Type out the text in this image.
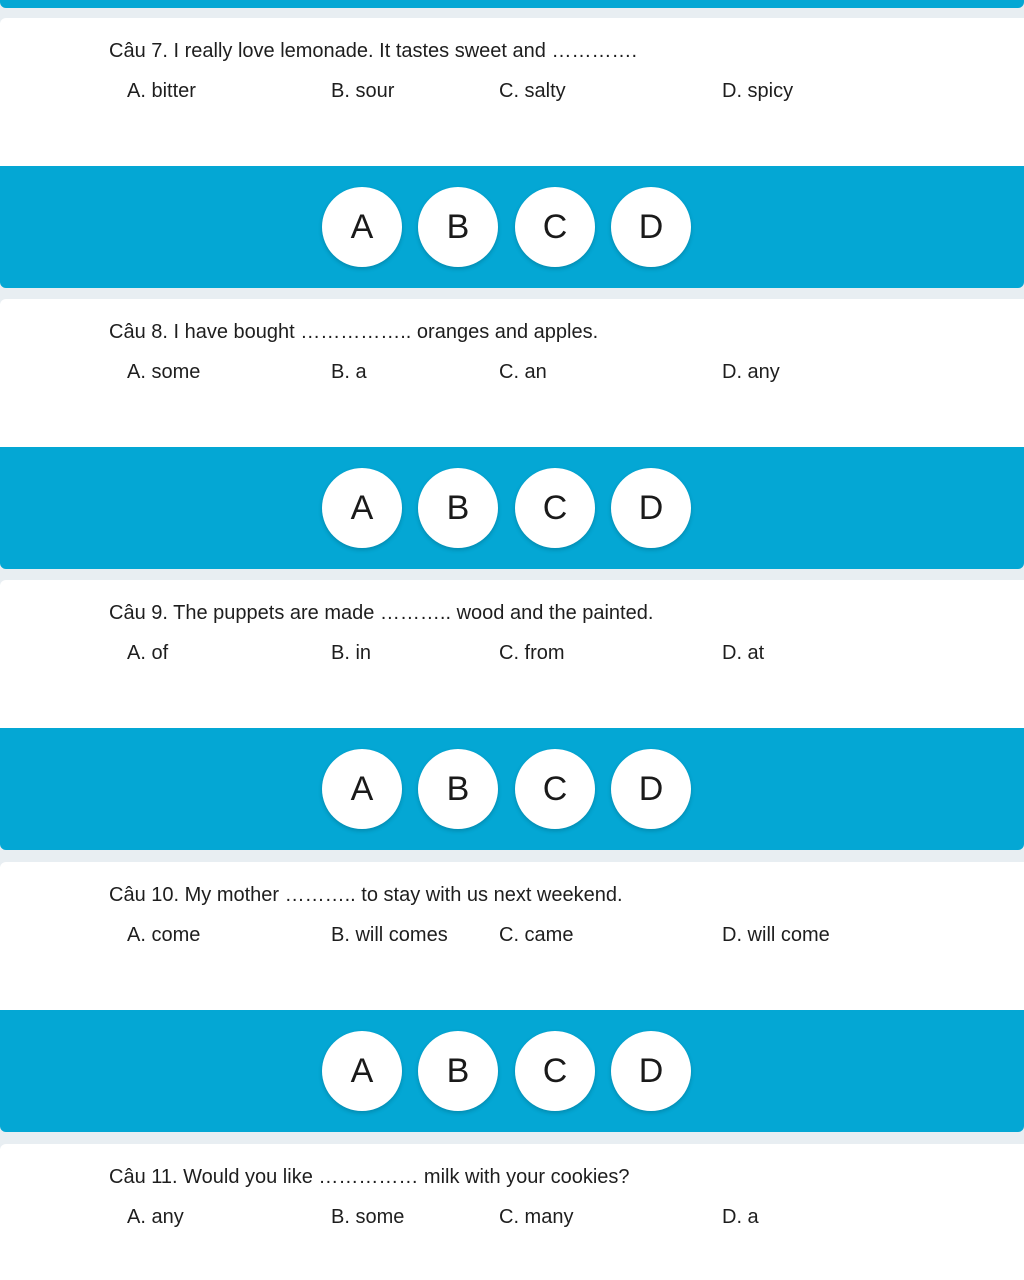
Câu 7. I really love lemonade. It tastes sweet and ………….
A. bitter	B. sour	C. salty	D. spicy
A	B	C	D
Câu 8. I have bought …………….. oranges and apples.
A. some	B. a	C. an	D. any
A	B	C	D
Câu 9. The puppets are made ……….. wood and the painted.
A. of	B. in	C. from	D. at
A	B	C	D
Câu 10. My mother ……….. to stay with us next weekend.
A. come	B. will comes	C. came	D. will come
A	B	C	D
Câu 11. Would you like …………… milk with your cookies?
A. any	B. some	C. many	D. a
